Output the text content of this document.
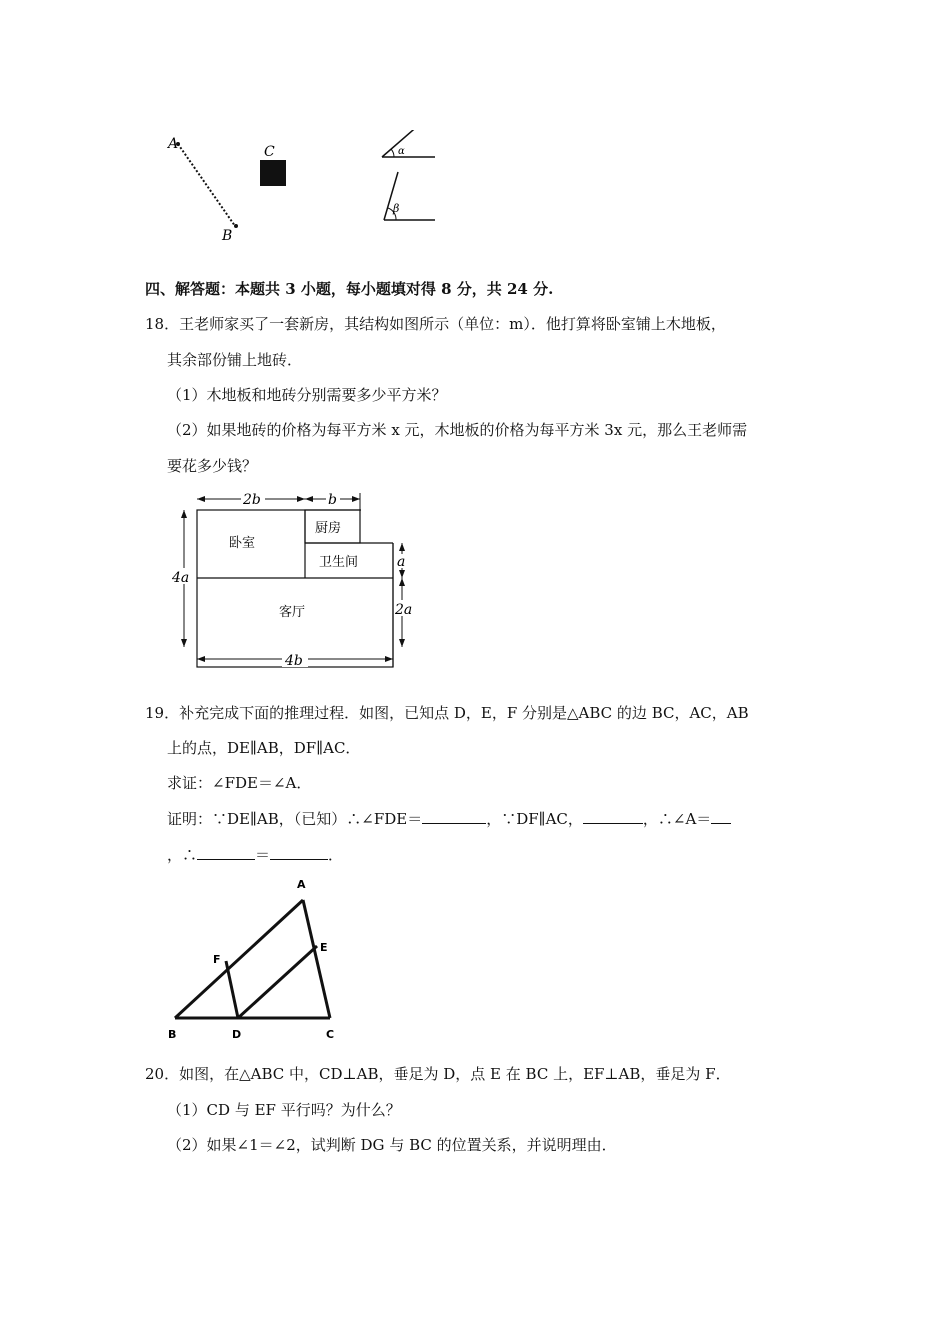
A
B
C	α
β
四、解答题：本题共 3 小题，每小题填对得 8 分，共 24 分.
18．王老师家买了一套新房，其结构如图所示（单位：m）．他打算将卧室铺上木地板，
其余部份铺上地砖．
（1）木地板和地砖分别需要多少平方米？
（2）如果地砖的价格为每平方米 x 元，木地板的价格为每平方米 3x 元，那么王老师需
要花多少钱？
2b	b
4a
a
2a
4b
卧室
厨房
卫生间
客厅
19．补充完成下面的推理过程．如图，已知点 D，E，F 分别是△ABC 的边 BC，AC，AB
上的点，DE∥AB，DF∥AC．
求证：∠FDE＝∠A．
证明：∵DE∥AB，（已知）∴∠FDE＝	，∵DF∥AC，	，∴∠A＝
，∴	＝	．
A
B	C
D
E
F
20．如图，在△ABC 中，CD⊥AB，垂足为 D，点 E 在 BC 上，EF⊥AB，垂足为 F．
（1）CD 与 EF 平行吗？为什么？
（2）如果∠1＝∠2，试判断 DG 与 BC 的位置关系，并说明理由．
